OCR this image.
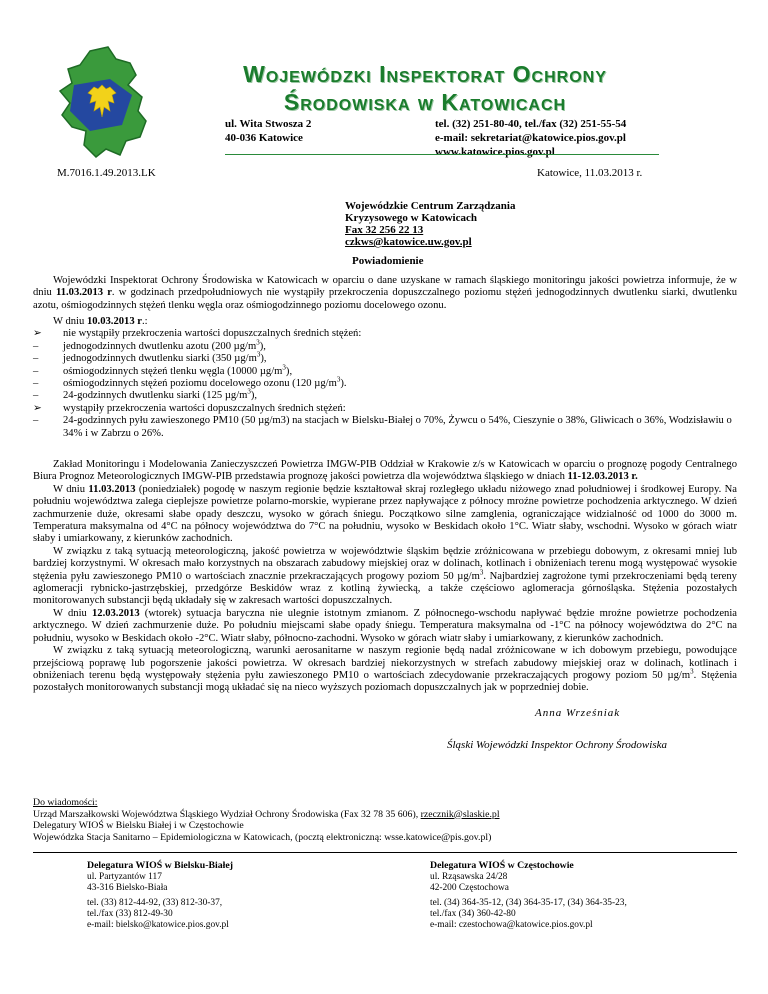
Wojewódzki Inspektorat Ochrony
Środowiska w Katowicach
ul. Wita Stwosza 2
40-036 Katowice
tel. (32) 251-80-40, tel./fax (32) 251-55-54
e-mail: sekretariat@katowice.pios.gov.pl
www.katowice.pios.gov.pl
M.7016.1.49.2013.LK	Katowice, 11.03.2013 r.
Wojewódzkie Centrum Zarządzania
Kryzysowego w Katowicach
Fax 32 256 22 13
czkws@katowice.uw.gov.pl
Powiadomienie
Wojewódzki Inspektorat Ochrony Środowiska w Katowicach w oparciu o dane uzyskane w ramach śląskiego monitoringu jakości powietrza informuje, że w dniu 11.03.2013 r. w godzinach przedpołudniowych nie wystąpiły przekroczenia dopuszczalnego poziomu stężeń jednogodzinnych dwutlenku siarki, dwutlenku azotu, ośmiogodzinnych stężeń tlenku węgla oraz ośmiogodzinnego poziomu docelowego ozonu.
W dniu 10.03.2013 r.:
➢ nie wystąpiły przekroczenia wartości dopuszczalnych średnich stężeń:
– jednogodzinnych dwutlenku azotu (200 $\mu g/m^3$),
– jednogodzinnych dwutlenku siarki (350 $\mu g/m^3$),
– ośmiogodzinnych stężeń tlenku węgla (10000 $\mu g/m^3$),
– ośmiogodzinnych stężeń poziomu docelowego ozonu (120 $\mu g/m^3$).
– 24-godzinnych dwutlenku siarki (125 $\mu g/m^3$),
➢ wystąpiły przekroczenia wartości dopuszczalnych średnich stężeń:
– 24-godzinnych pyłu zawieszonego PM10 (50 µg/m3) na stacjach w Bielsku-Białej o 70%, Żywcu o 54%, Cieszynie o 38%, Gliwicach o 36%, Wodzisławiu o 34% i w Zabrzu o 26%.

Zakład Monitoringu i Modelowania Zanieczyszczeń Powietrza IMGW-PIB Oddział w Krakowie z/s w Katowicach w oparciu o prognozę pogody Centralnego Biura Prognoz Meteorologicznych IMGW-PIB przedstawia prognozę jakości powietrza dla województwa śląskiego w dniach 11-12.03.2013 r.

W dniu 11.03.2013 (poniedziałek) pogodę w naszym regionie będzie kształtował skraj rozległego układu niżowego znad południowej i środkowej Europy. Na południu województwa zalega cieplejsze powietrze polarno-morskie, wypierane przez napływające z północy mroźne powietrze pochodzenia arktycznego. W dzień zachmurzenie duże, okresami słabe opady deszczu, wysoko w górach śniegu. Początkowo silne zamglenia, ograniczające widzialność od 1000 do 3000 m. Temperatura maksymalna od 4°C na północy województwa do 7°C na południu, wysoko w Beskidach około 1°C. Wiatr słaby, wschodni. Wysoko w górach wiatr słaby i umiarkowany, z kierunków zachodnich.

W związku z taką sytuacją meteorologiczną, jakość powietrza w województwie śląskim będzie zróżnicowana w przebiegu dobowym, z okresami mniej lub bardziej korzystnymi. W okresach mało korzystnych na obszarach zabudowy miejskiej oraz w dolinach, kotlinach i obniżeniach terenu mogą występować wysokie stężenia pyłu zawieszonego PM10 o wartościach znacznie przekraczających progowy poziom 50 $\mu g/m^3$. Najbardziej zagrożone tymi przekroczeniami będą tereny aglomeracji rybnicko-jastrzębskiej, przedgórze Beskidów wraz z kotliną żywiecką, a także częściowo aglomeracja górnośląska. Stężenia pozostałych monitorowanych substancji będą układały się w zakresach wartości dopuszczalnych.

W dniu 12.03.2013 (wtorek) sytuacja baryczna nie ulegnie istotnym zmianom. Z północnego-wschodu napływać będzie mroźne powietrze pochodzenia arktycznego. W dzień zachmurzenie duże. Po południu miejscami słabe opady śniegu. Temperatura maksymalna od -1°C na północy województwa do 2°C na południu, wysoko w Beskidach około -2°C. Wiatr słaby, północno-zachodni. Wysoko w górach wiatr słaby i umiarkowany, z kierunków zachodnich.

W związku z taką sytuacją meteorologiczną, warunki aerosanitarne w naszym regionie będą nadal zróżnicowane w ich dobowym przebiegu, powodujące przejściową poprawę lub pogorszenie jakości powietrza. W okresach bardziej niekorzystnych w strefach zabudowy miejskiej oraz w dolinach, kotlinach i obniżeniach terenu będą występowały stężenia pyłu zawieszonego PM10 o wartościach zdecydowanie przekraczających progowy poziom 50 $\mu g/m^3$. Stężenia pozostałych monitorowanych substancji mogą układać się na nieco wyższych poziomach dopuszczalnych jak w poprzedniej dobie.

Anna Wrześniak
Śląski Wojewódzki Inspektor Ochrony Środowiska
Do wiadomości:
Urząd Marszałkowski Województwa Śląskiego Wydział Ochrony Środowiska (Fax 32 78 35 606), rzecznik@slaskie.pl
Delegatury WIOŚ w Bielsku Białej i w Częstochowie
Wojewódzka Stacja Sanitarno – Epidemiologiczna w Katowicach, (pocztą elektroniczną: wsse.katowice@pis.gov.pl)
Delegatura WIOŚ w Bielsku-Białej
ul. Partyzantów 117
43-316 Bielsko-Biała
Delegatura WIOŚ w Częstochowie
ul. Rząsawska 24/28
42-200 Częstochowa
tel. (33) 812-44-92, (33) 812-30-37,
tel./fax (33) 812-49-30
e-mail: bielsko@katowice.pios.gov.pl
tel. (34) 364-35-12, (34) 364-35-17, (34) 364-35-23,
tel./fax (34) 360-42-80
e-mail: czestochowa@katowice.pios.gov.pl
